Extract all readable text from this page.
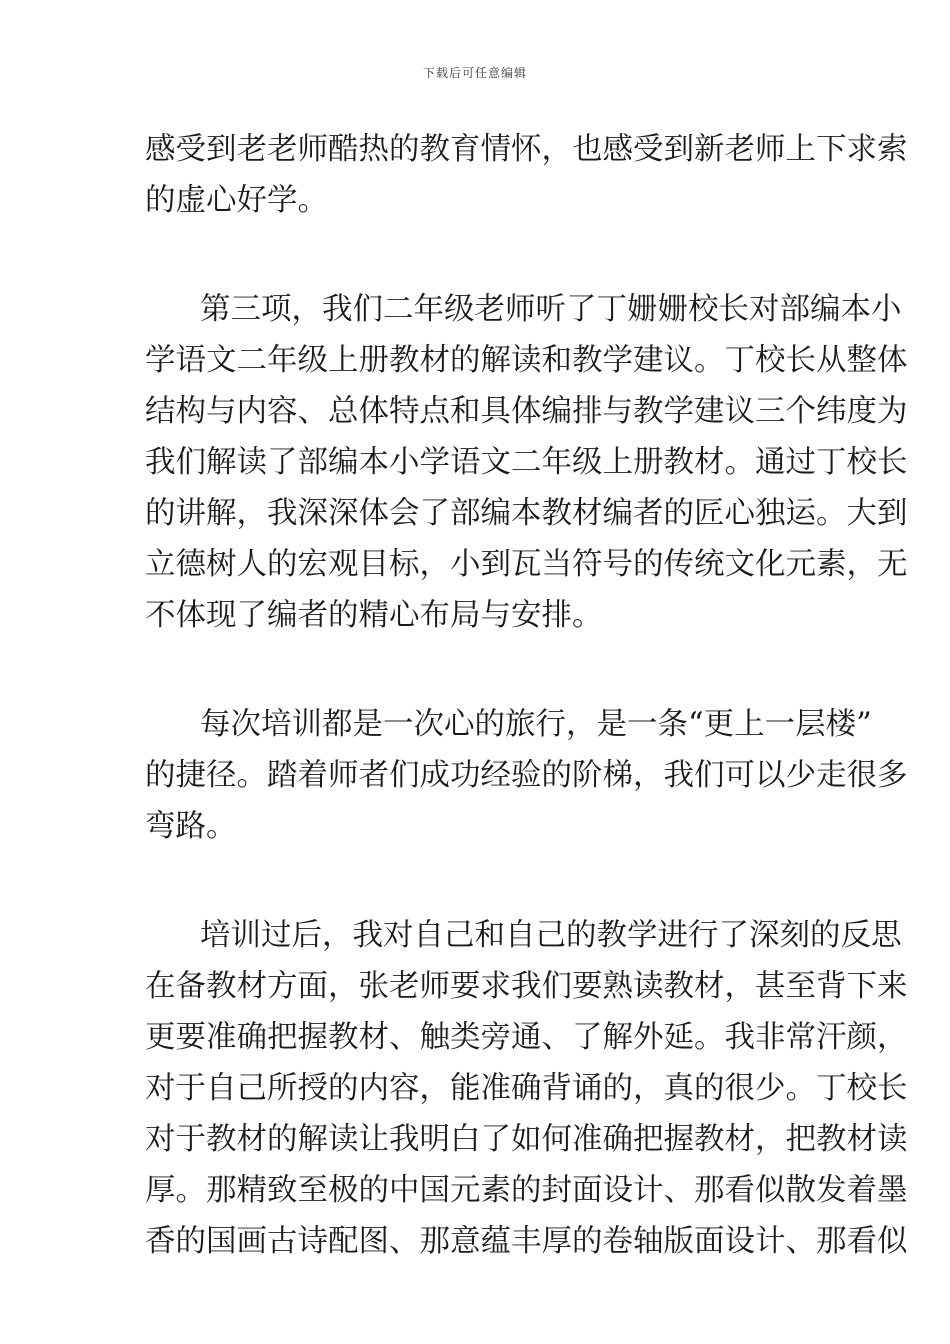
下载后可任意编辑
感受到老老师酷热的教育情怀，也感受到新老师上下求索
的虚心好学。
第三项，我们二年级老师听了丁姗姗校长对部编本小
学语文二年级上册教材的解读和教学建议。丁校长从整体
结构与内容、总体特点和具体编排与教学建议三个纬度为
我们解读了部编本小学语文二年级上册教材。通过丁校长
的讲解，我深深体会了部编本教材编者的匠心独运。大到
立德树人的宏观目标，小到瓦当符号的传统文化元素，无
不体现了编者的精心布局与安排。
每次培训都是一次心的旅行，是一条“更上一层楼”
的捷径。踏着师者们成功经验的阶梯，我们可以少走很多
弯路。
培训过后，我对自己和自己的教学进行了深刻的反思
在备教材方面，张老师要求我们要熟读教材，甚至背下来
更要准确把握教材、触类旁通、了解外延。我非常汗颜，
对于自己所授的内容，能准确背诵的，真的很少。丁校长
对于教材的解读让我明白了如何准确把握教材，把教材读
厚。那精致至极的中国元素的封面设计、那看似散发着墨
香的国画古诗配图、那意蕴丰厚的卷轴版面设计、那看似
